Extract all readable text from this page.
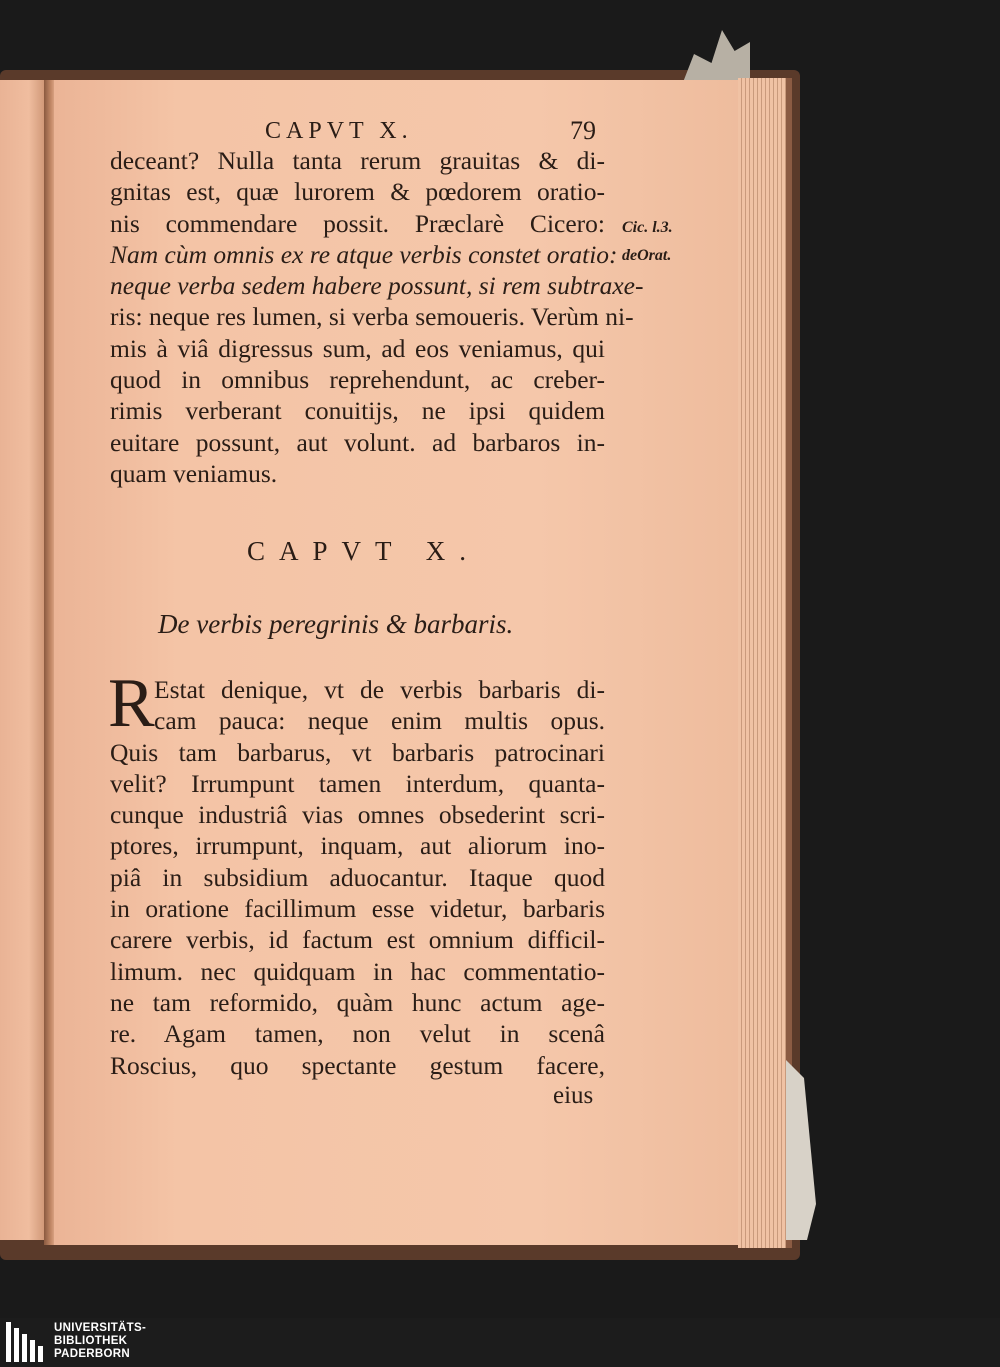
CAPVT X.	79
Cic. l.3.
deOrat.
deceant? Nulla tanta rerum grauitas & di-
gnitas est, quæ lurorem & pœdorem oratio-
nis commendare possit. Præclarè Cicero:
Nam cùm omnis ex re atque verbis constet oratio:
neque verba sedem habere possunt, si rem subtraxe-
ris: neque res lumen, si verba semoueris. Verùm ni-
mis à viâ digressus sum, ad eos veniamus, qui
quod in omnibus reprehendunt, ac creber-
rimis verberant conuitijs, ne ipsi quidem
euitare possunt, aut volunt. ad barbaros in-
quam veniamus.
CAPVT X.
De verbis peregrinis & barbaris.
R Estat denique, vt de verbis barbaris di-
cam pauca: neque enim multis opus.
Quis tam barbarus, vt barbaris patrocinari
velit? Irrumpunt tamen interdum, quanta-
cunque industriâ vias omnes obsederint scri-
ptores, irrumpunt, inquam, aut aliorum ino-
piâ in subsidium aduocantur. Itaque quod
in oratione facillimum esse videtur, barbaris
carere verbis, id factum est omnium difficil-
limum. nec quidquam in hac commentatio-
ne tam reformido, quàm hunc actum age-
re. Agam tamen, non velut in scenâ
Roscius, quo spectante gestum facere,
eius
UNIVERSITÄTS-
BIBLIOTHEK
PADERBORN
